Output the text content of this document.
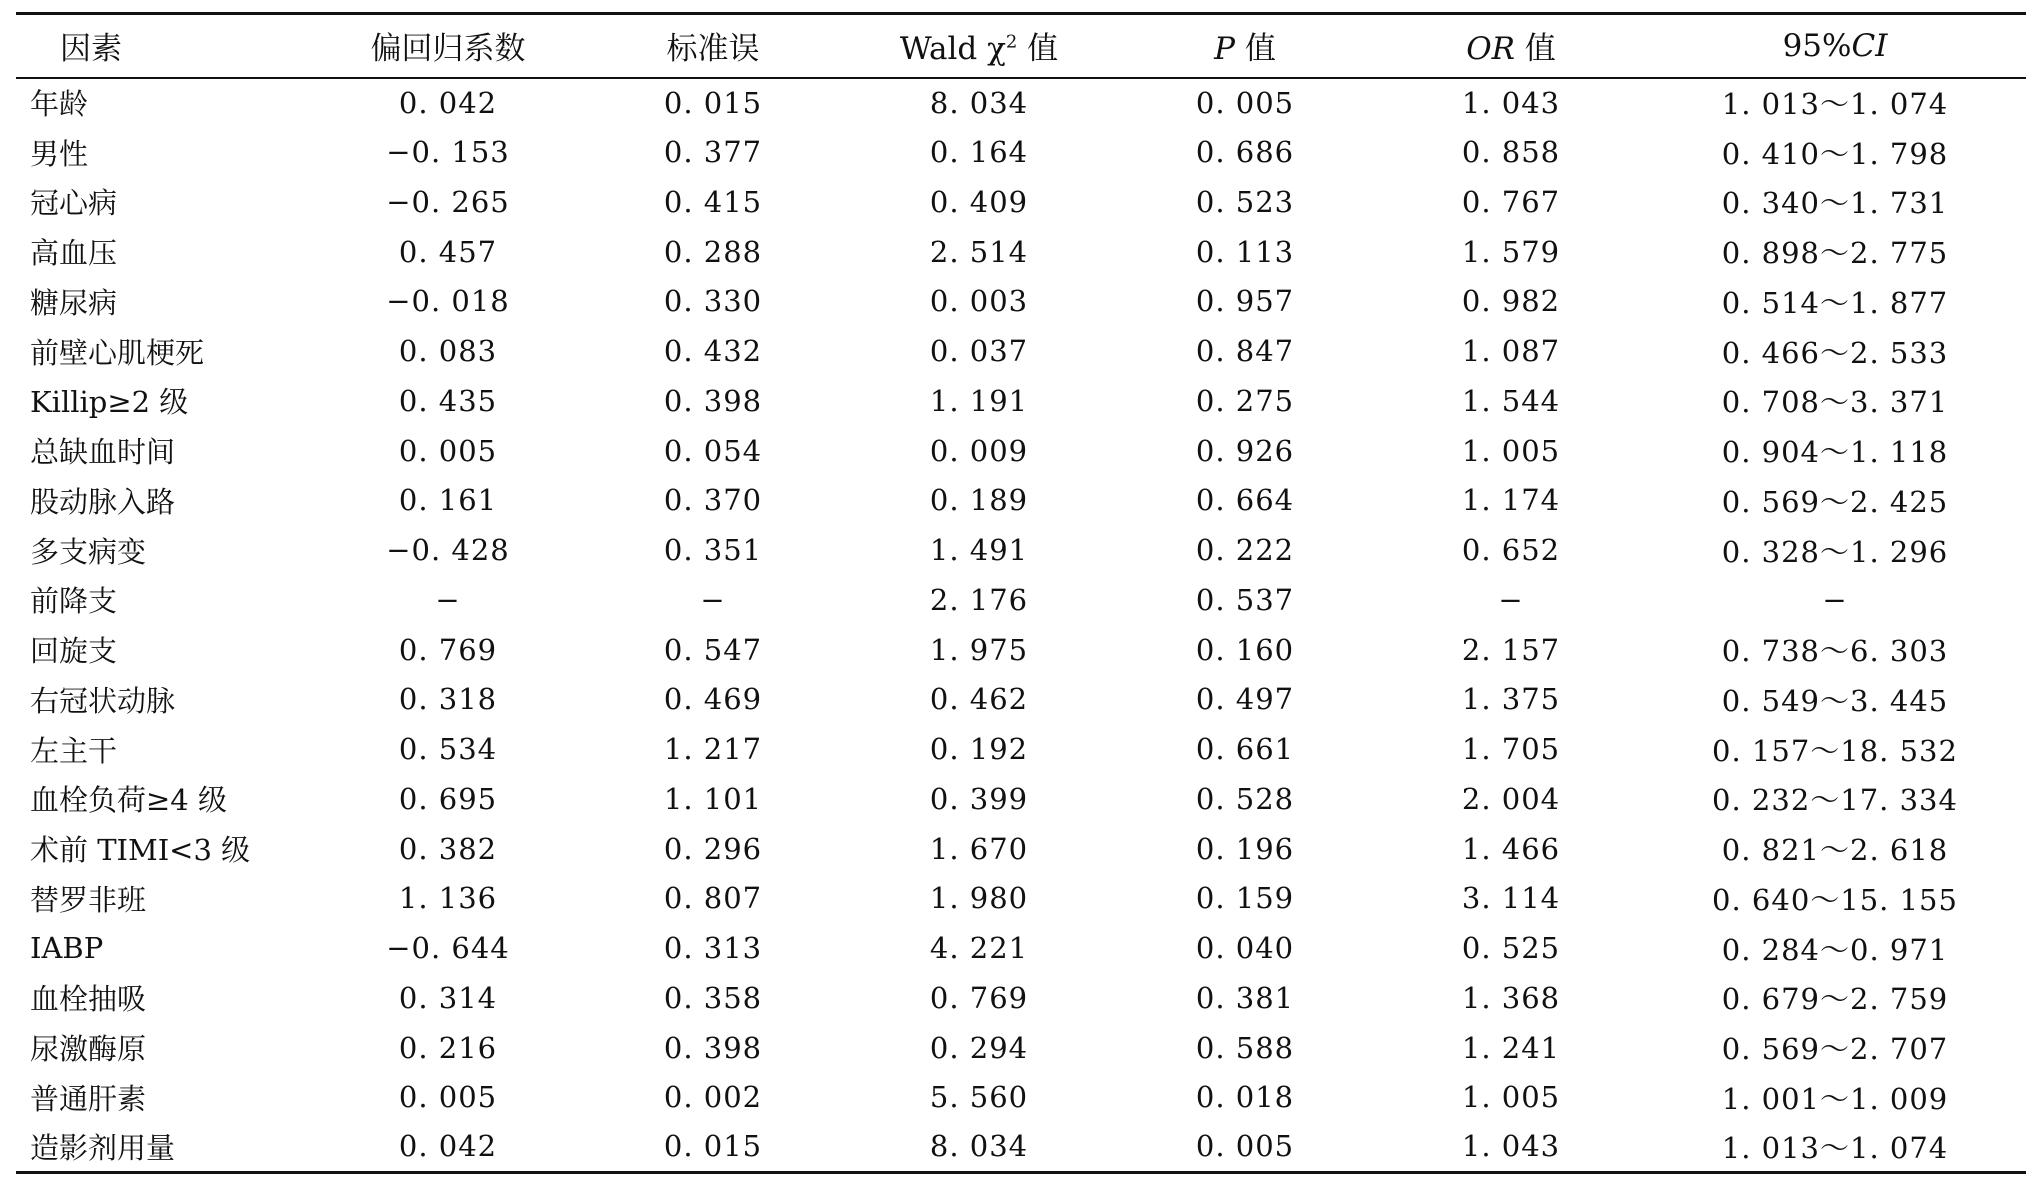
因素	偏回归系数	标准误	Wald $\chi^2$ 值	P 值	OR 值	95%CI
年龄	0. 042	0. 015	8. 034	0. 005	1. 043	1. 013～1. 074
男性	−0. 153	0. 377	0. 164	0. 686	0. 858	0. 410～1. 798
冠心病	−0. 265	0. 415	0. 409	0. 523	0. 767	0. 340～1. 731
高血压	0. 457	0. 288	2. 514	0. 113	1. 579	0. 898～2. 775
糖尿病	−0. 018	0. 330	0. 003	0. 957	0. 982	0. 514～1. 877
前壁心肌梗死	0. 083	0. 432	0. 037	0. 847	1. 087	0. 466～2. 533
Killip≥2 级	0. 435	0. 398	1. 191	0. 275	1. 544	0. 708～3. 371
总缺血时间	0. 005	0. 054	0. 009	0. 926	1. 005	0. 904～1. 118
股动脉入路	0. 161	0. 370	0. 189	0. 664	1. 174	0. 569～2. 425
多支病变	−0. 428	0. 351	1. 491	0. 222	0. 652	0. 328～1. 296
前降支	−	−	2. 176	0. 537	−	−
回旋支	0. 769	0. 547	1. 975	0. 160	2. 157	0. 738～6. 303
右冠状动脉	0. 318	0. 469	0. 462	0. 497	1. 375	0. 549～3. 445
左主干	0. 534	1. 217	0. 192	0. 661	1. 705	0. 157～18. 532
血栓负荷≥4 级	0. 695	1. 101	0. 399	0. 528	2. 004	0. 232～17. 334
术前 TIMI<3 级	0. 382	0. 296	1. 670	0. 196	1. 466	0. 821～2. 618
替罗非班	1. 136	0. 807	1. 980	0. 159	3. 114	0. 640～15. 155
IABP	−0. 644	0. 313	4. 221	0. 040	0. 525	0. 284～0. 971
血栓抽吸	0. 314	0. 358	0. 769	0. 381	1. 368	0. 679～2. 759
尿激酶原	0. 216	0. 398	0. 294	0. 588	1. 241	0. 569～2. 707
普通肝素	0. 005	0. 002	5. 560	0. 018	1. 005	1. 001～1. 009
造影剂用量	0. 042	0. 015	8. 034	0. 005	1. 043	1. 013～1. 074
